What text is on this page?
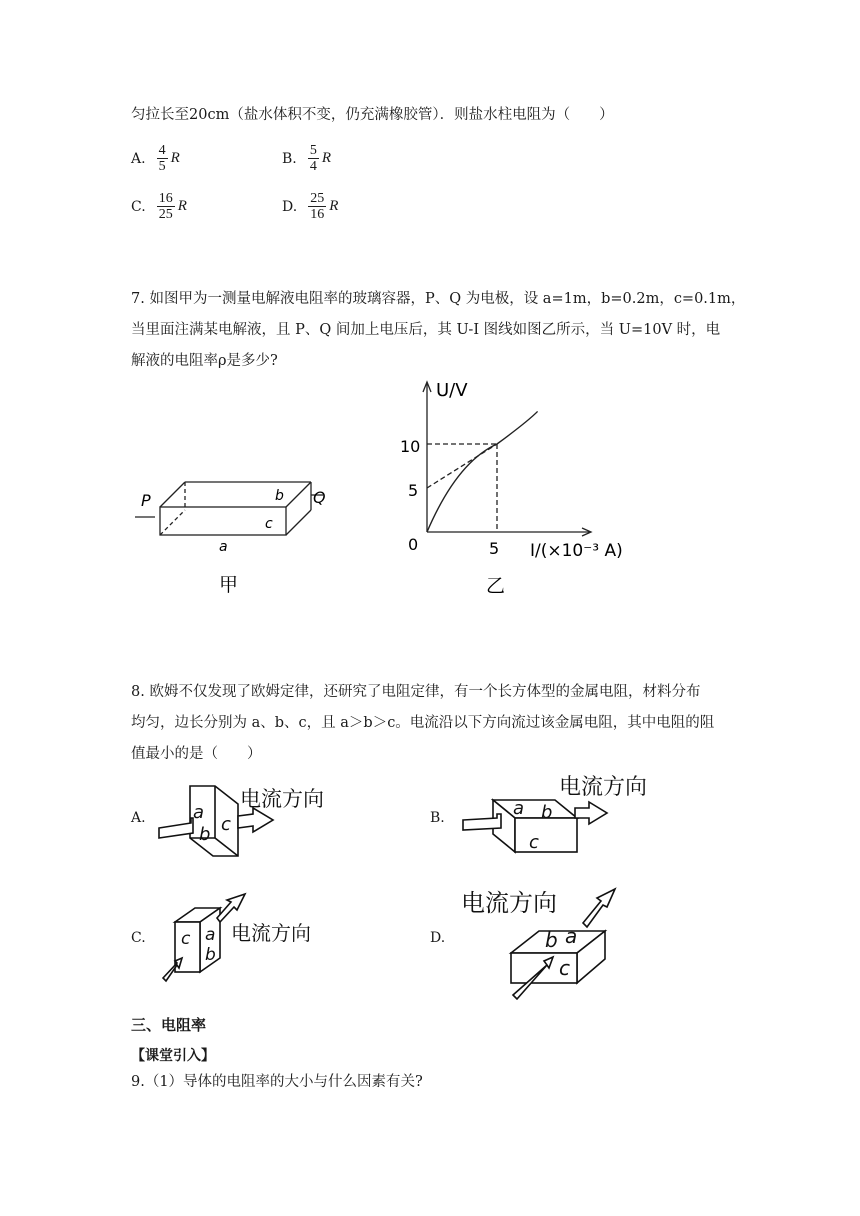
匀拉长至20cm（盐水体积不变，仍充满橡胶管）．则盐水柱电阻为（　　）
A. $\frac{4}{5}$ R	B. $\frac{5}{4}$ R
C. $\frac{16}{25}$ R	D. $\frac{25}{16}$ R
7. 如图甲为一测量电解液电阻率的玻璃容器，P、Q 为电极，设 a=1m，b=0.2m，c=0.1m，
当里面注满某电解液，且 P、Q 间加上电压后，其 U-I 图线如图乙所示，当 U=10V 时，电
解液的电阻率ρ是多少?
P	Q
b
c
a
甲
U/V
10
5
0	5 I/(×10⁻³ A)
乙
8. 欧姆不仅发现了欧姆定律，还研究了电阻定律，有一个长方体型的金属电阻，材料分布
均匀，边长分别为 a、b、c，且 a＞b＞c。电流沿以下方向流过该金属电阻，其中电阻的阻
值最小的是（　　）
A.	a
b c
电流方向
B.	a b
c
电流方向
C. c a
b
电流方向	D.	b a
c
电流方向
三、电阻率
【课堂引入】
9.（1）导体的电阻率的大小与什么因素有关?
